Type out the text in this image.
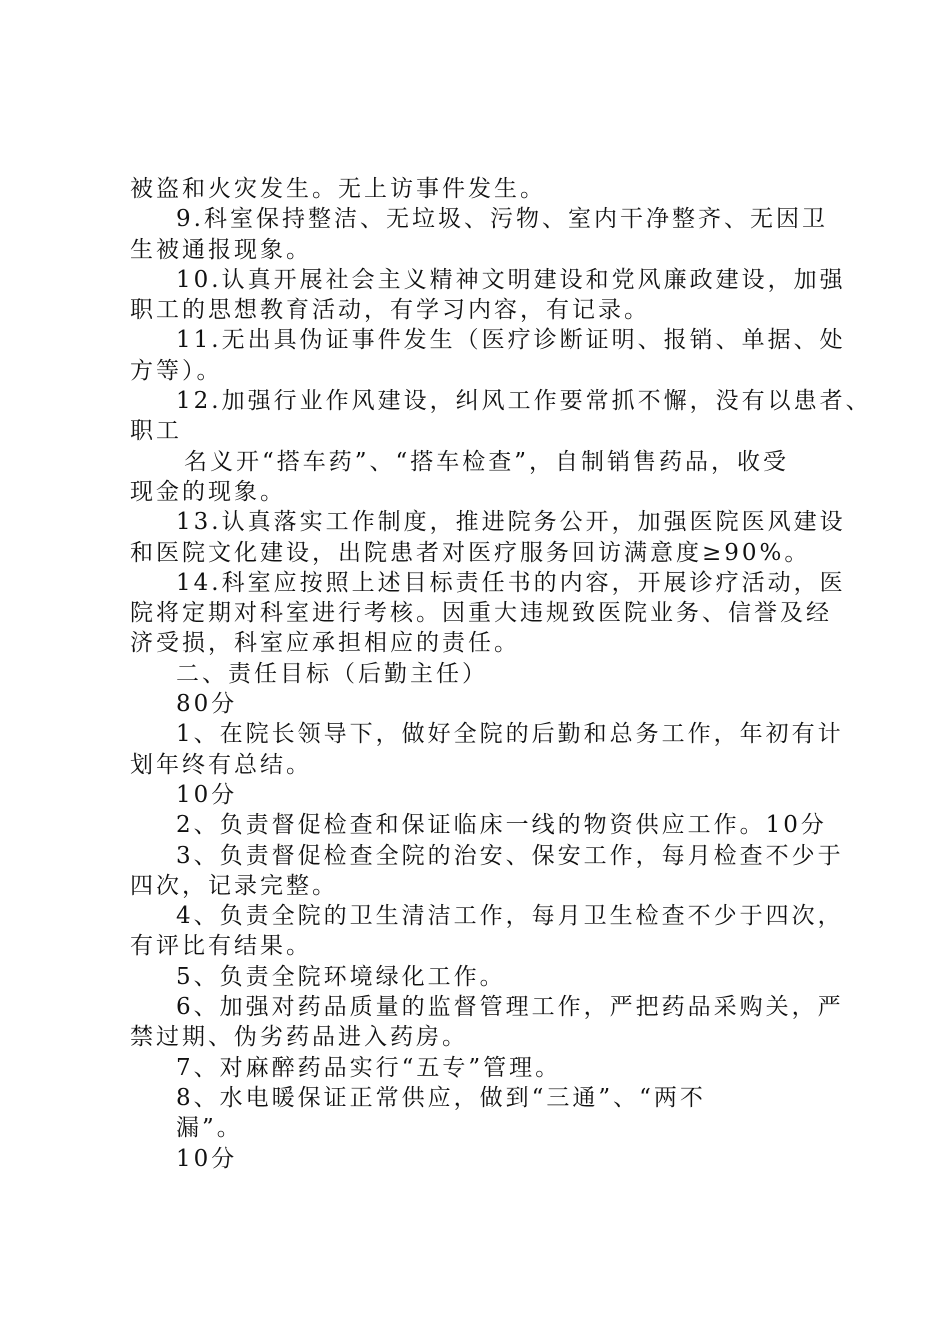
被盗和火灾发生。无上访事件发生。
9.科室保持整洁、无垃圾、污物、室内干净整齐、无因卫
生被通报现象。
10.认真开展社会主义精神文明建设和党风廉政建设，加强
职工的思想教育活动，有学习内容，有记录。
11.无出具伪证事件发生（医疗诊断证明、报销、单据、处
方等）。
12.加强行业作风建设，纠风工作要常抓不懈，没有以患者、
职工
名义开“搭车药”、“搭车检查”，自制销售药品，收受
现金的现象。
13.认真落实工作制度，推进院务公开，加强医院医风建设
和医院文化建设，出院患者对医疗服务回访满意度≥90%。
14.科室应按照上述目标责任书的内容，开展诊疗活动，医
院将定期对科室进行考核。因重大违规致医院业务、信誉及经
济受损，科室应承担相应的责任。
二、责任目标（后勤主任）
80分
1、在院长领导下，做好全院的后勤和总务工作，年初有计
划年终有总结。
10分
2、负责督促检查和保证临床一线的物资供应工作。10分
3、负责督促检查全院的治安、保安工作，每月检查不少于
四次，记录完整。
4、负责全院的卫生清洁工作，每月卫生检查不少于四次，
有评比有结果。
5、负责全院环境绿化工作。
6、加强对药品质量的监督管理工作，严把药品采购关，严
禁过期、伪劣药品进入药房。
7、对麻醉药品实行“五专”管理。
8、水电暖保证正常供应，做到“三通”、“两不
漏”。
10分
